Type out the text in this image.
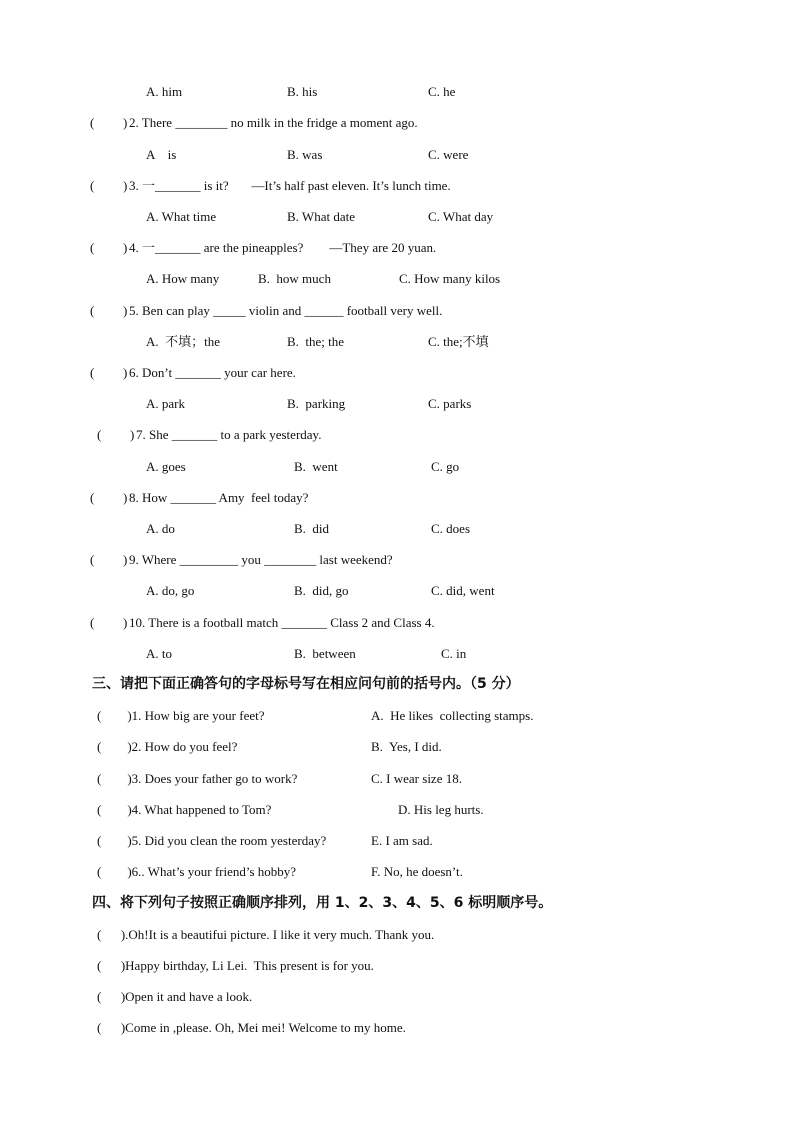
A. him	B. his	C. he
( ) 2. There ________ no milk in the fridge a moment ago.
A    is	B. was	C. were
( ) 3. 一_______ is it?       —It’s half past eleven. It’s lunch time.
A. What time	B. What date	C. What day
( ) 4. 一_______ are the pineapples?        —They are 20 yuan.
A. How many	B.  how much	C. How many kilos
( ) 5. Ben can play _____ violin and ______ football very well.
A.  不填；the	B.  the; the	C. the;不填
( ) 6. Don’t _______ your car here.
A. park	B.  parking	C. parks
( ) 7. She _______ to a park yesterday.
A. goes	B.  went	C. go
( ) 8. How _______ Amy  feel today?
A. do	B.  did	C. does
( ) 9. Where _________ you ________ last weekend?
A. do, go	B.  did, go	C. did, went
( ) 10. There is a football match _______ Class 2 and Class 4.
A. to	B.  between	C. in
三、请把下面正确答句的字母标号写在相应问句前的括号内。（5 分）
(        )1. How big are your feet?	A.  He likes  collecting stamps.
(        )2. How do you feel?	B.  Yes, I did.
(        )3. Does your father go to work?	C. I wear size 18.
(        )4. What happened to Tom?	D. His leg hurts.
(        )5. Did you clean the room yesterday?	E. I am sad.
(        )6.. What’s your friend’s hobby?	F. No, he doesn’t.
四、将下列句子按照正确顺序排列，用 1、2、3、4、5、6 标明顺序号。
(      ).Oh!It is a beautifui picture. I like it very much. Thank you.
(      )Happy birthday, Li Lei.  This present is for you.
(      )Open it and have a look.
(      )Come in ,please. Oh, Mei mei! Welcome to my home.
